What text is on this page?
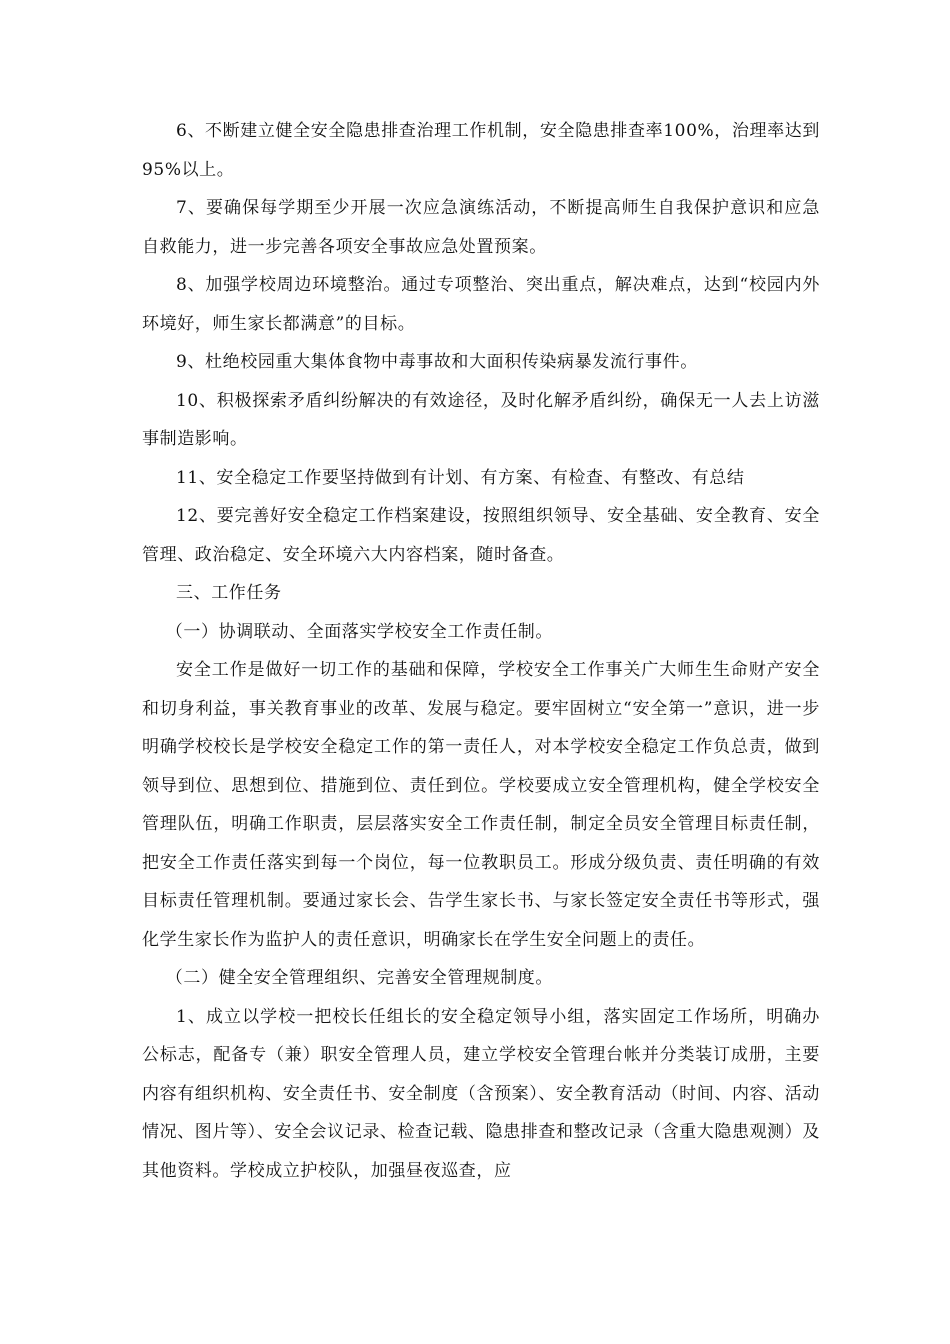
6、不断建立健全安全隐患排查治理工作机制，安全隐患排查率100%，治理率达到95%以上。

7、要确保每学期至少开展一次应急演练活动，不断提高师生自我保护意识和应急自救能力，进一步完善各项安全事故应急处置预案。

8、加强学校周边环境整治。通过专项整治、突出重点，解决难点，达到“校园内外环境好，师生家长都满意”的目标。

9、杜绝校园重大集体食物中毒事故和大面积传染病暴发流行事件。

10、积极探索矛盾纠纷解决的有效途径，及时化解矛盾纠纷，确保无一人去上访滋事制造影响。

11、安全稳定工作要坚持做到有计划、有方案、有检查、有整改、有总结

12、要完善好安全稳定工作档案建设，按照组织领导、安全基础、安全教育、安全管理、政治稳定、安全环境六大内容档案，随时备查。

三、工作任务

（一）协调联动、全面落实学校安全工作责任制。

安全工作是做好一切工作的基础和保障，学校安全工作事关广大师生生命财产安全和切身利益，事关教育事业的改革、发展与稳定。要牢固树立“安全第一”意识，进一步明确学校校长是学校安全稳定工作的第一责任人，对本学校安全稳定工作负总责，做到领导到位、思想到位、措施到位、责任到位。学校要成立安全管理机构，健全学校安全管理队伍，明确工作职责，层层落实安全工作责任制，制定全员安全管理目标责任制，把安全工作责任落实到每一个岗位，每一位教职员工。形成分级负责、责任明确的有效目标责任管理机制。要通过家长会、告学生家长书、与家长签定安全责任书等形式，强化学生家长作为监护人的责任意识，明确家长在学生安全问题上的责任。

（二）健全安全管理组织、完善安全管理规制度。

1、成立以学校一把校长任组长的安全稳定领导小组，落实固定工作场所，明确办公标志，配备专（兼）职安全管理人员，建立学校安全管理台帐并分类装订成册，主要内容有组织机构、安全责任书、安全制度（含预案）、安全教育活动（时间、内容、活动情况、图片等）、安全会议记录、检查记载、隐患排查和整改记录（含重大隐患观测）及其他资料。学校成立护校队，加强昼夜巡查，应
